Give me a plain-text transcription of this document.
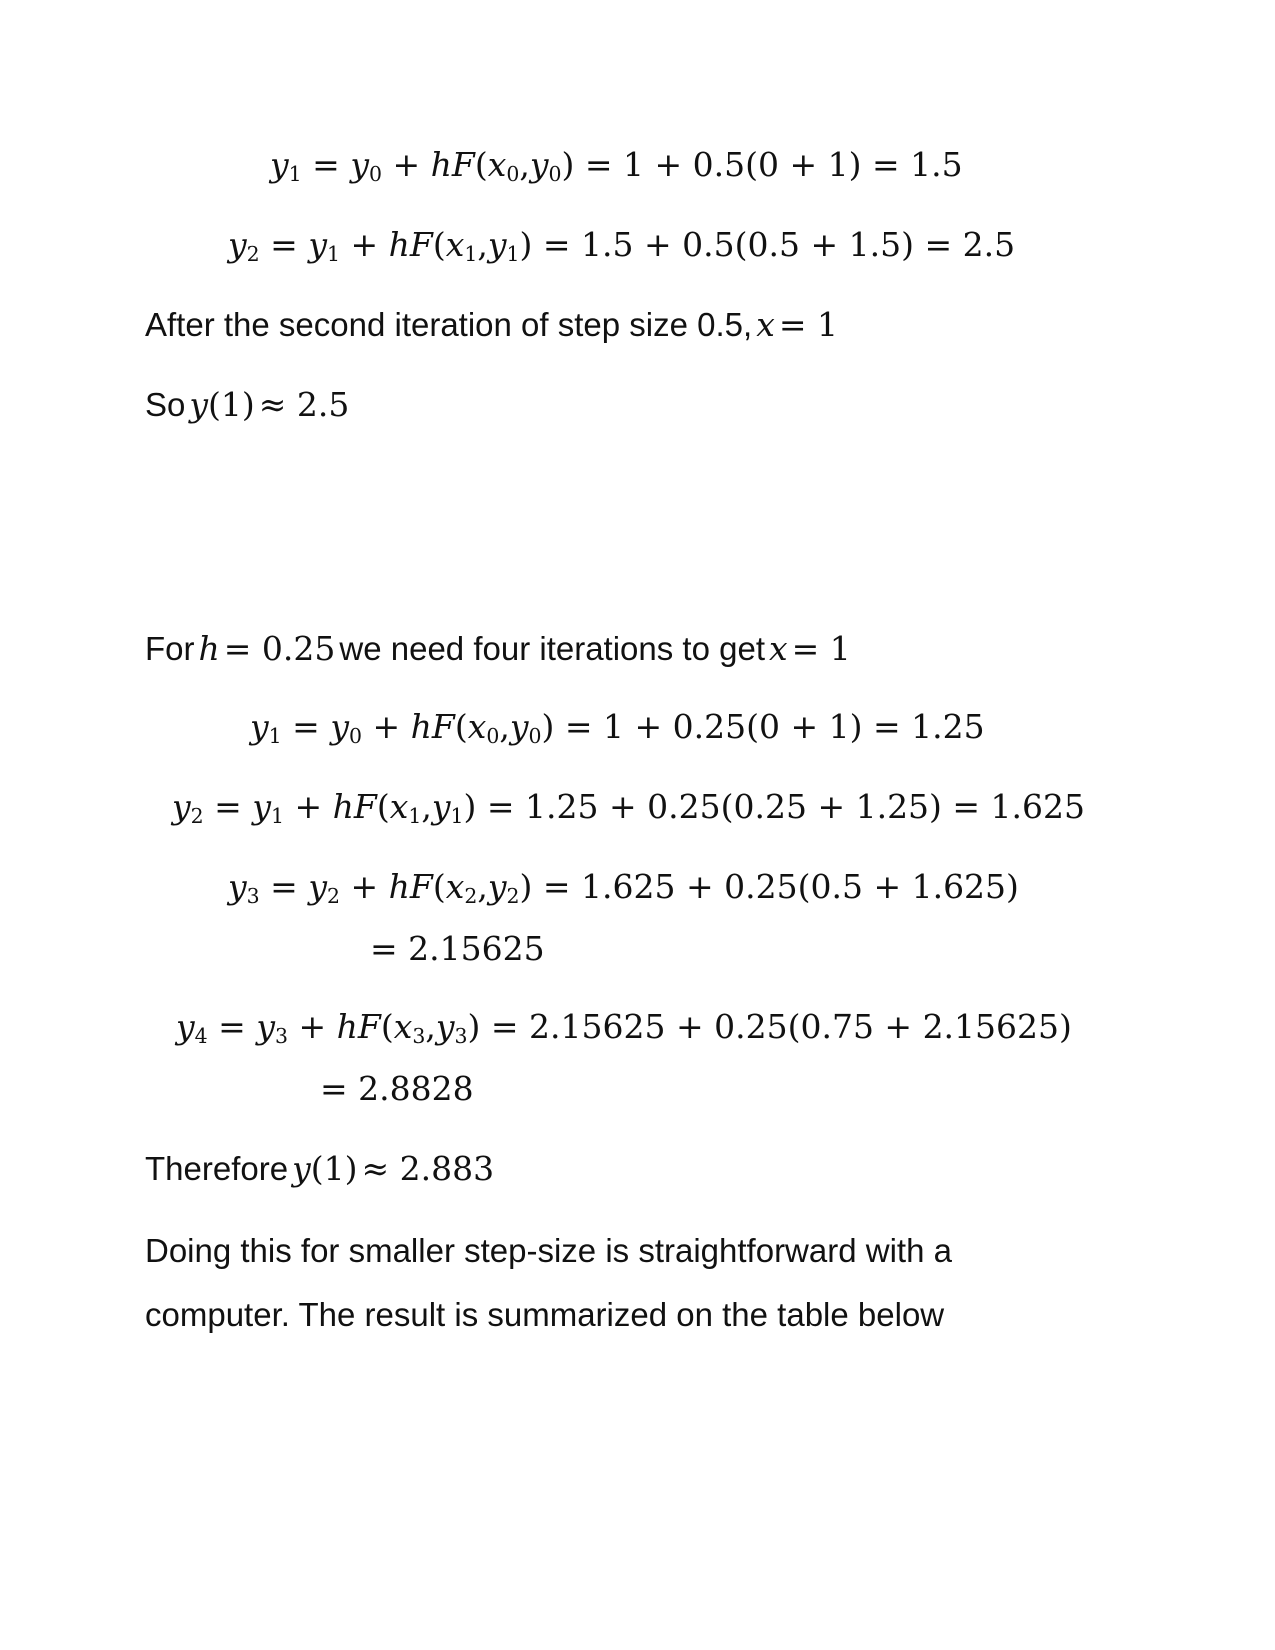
$y_1 = y_0 + hF(x_0,y_0) = 1 + 0.5(0 + 1) = 1.5$
$y_2 = y_1 + hF(x_1,y_1) = 1.5 + 0.5(0.5 + 1.5) = 2.5$
After the second iteration of step size 0.5, x = 1
So y(1) ≈ 2.5
For h = 0.25 we need four iterations to get x = 1
$y_1 = y_0 + hF(x_0,y_0) = 1 + 0.25(0 + 1) = 1.25$
$y_2 = y_1 + hF(x_1,y_1) = 1.25 + 0.25(0.25 + 1.25) = 1.625$
$y_3 = y_2 + hF(x_2,y_2) = 1.625 + 0.25(0.5 + 1.625)$
= 2.15625
$y_4 = y_3 + hF(x_3,y_3) = 2.15625 + 0.25(0.75 + 2.15625)$
= 2.8828
Therefore y(1) ≈ 2.883
Doing this for smaller step-size is straightforward with a
computer. The result is summarized on the table below
